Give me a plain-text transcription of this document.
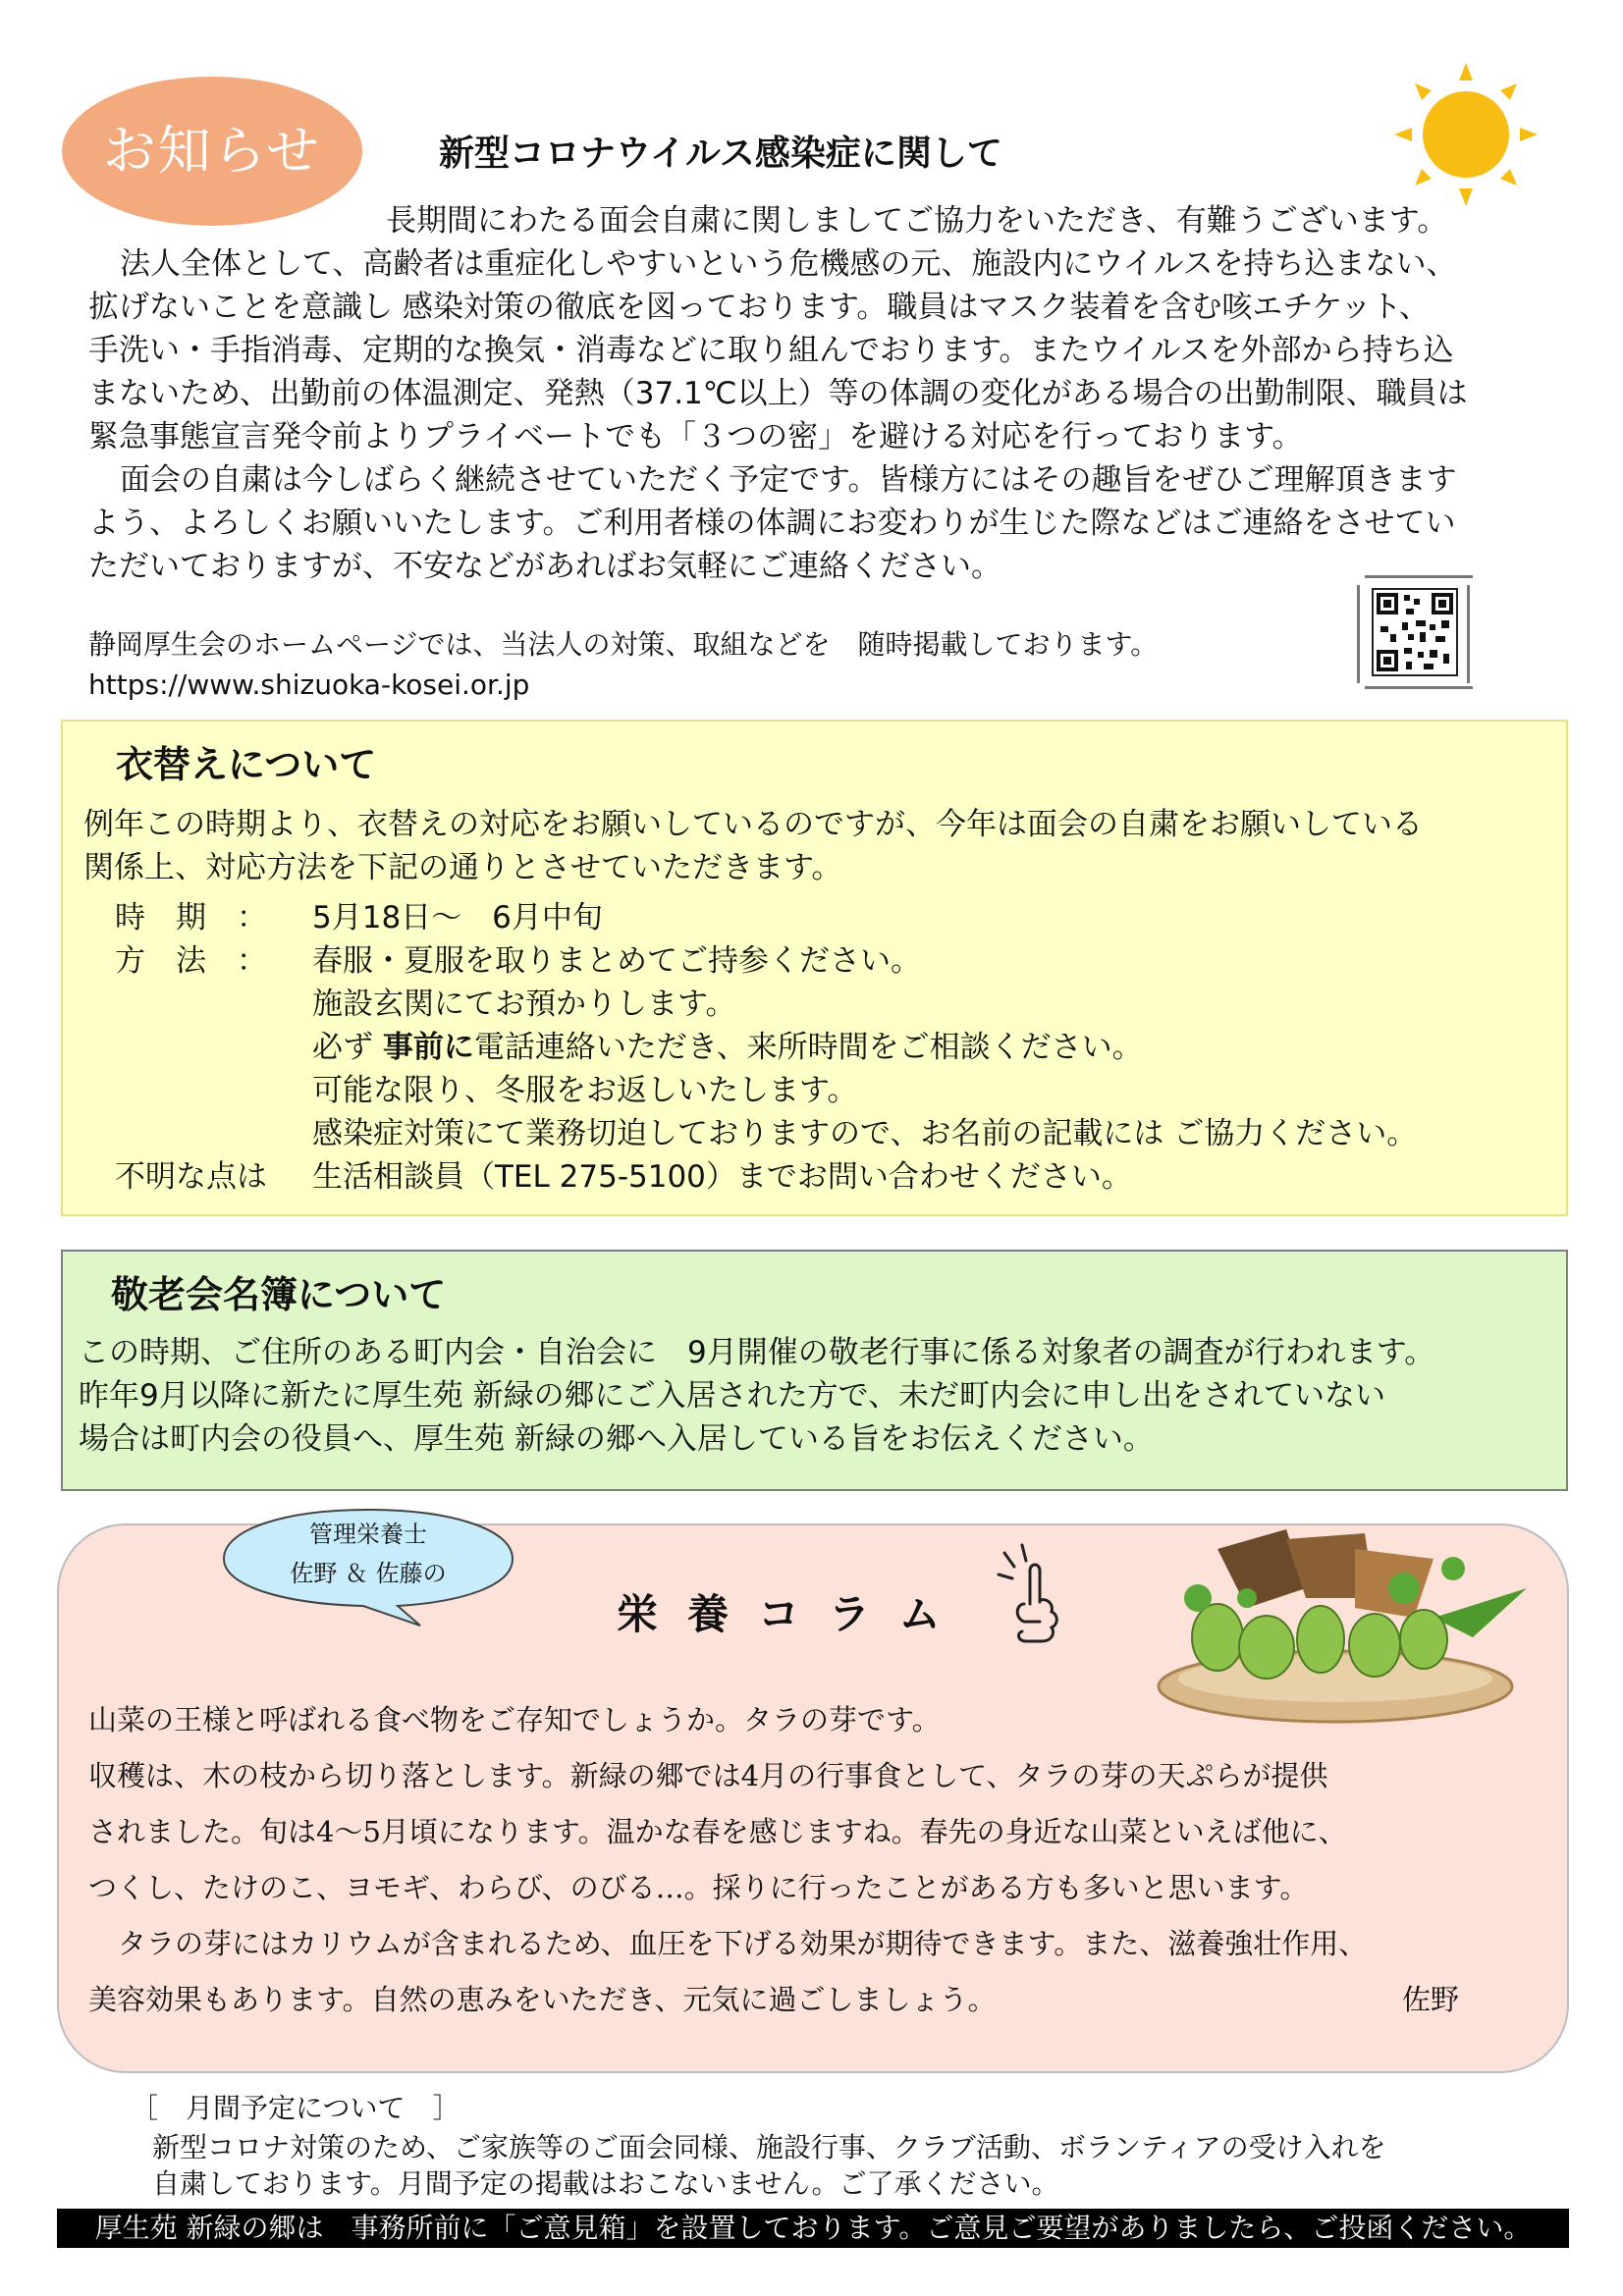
お知らせ	新型コロナウイルス感染症に関して
長期間にわたる面会自粛に関しましてご協力をいただき、有難うございます。
法人全体として、高齢者は重症化しやすいという危機感の元、施設内にウイルスを持ち込まない、
拡げないことを意識し 感染対策の徹底を図っております。職員はマスク装着を含む咳エチケット、
手洗い・手指消毒、定期的な換気・消毒などに取り組んでおります。またウイルスを外部から持ち込
まないため、出勤前の体温測定、発熱（37.1℃以上）等の体調の変化がある場合の出勤制限、職員は
緊急事態宣言発令前よりプライベートでも「３つの密」を避ける対応を行っております。
面会の自粛は今しばらく継続させていただく予定です。皆様方にはその趣旨をぜひご理解頂きます
よう、よろしくお願いいたします。ご利用者様の体調にお変わりが生じた際などはご連絡をさせてい
ただいておりますが、不安などがあればお気軽にご連絡ください。
静岡厚生会のホームページでは、当法人の対策、取組などを　随時掲載しております。
https://www.shizuoka-kosei.or.jp
衣替えについて
例年この時期より、衣替えの対応をお願いしているのですが、今年は面会の自粛をお願いしている
関係上、対応方法を下記の通りとさせていただきます。
時　期　： 5月18日～　6月中旬
方　法　： 春服・夏服を取りまとめてご持参ください。
施設玄関にてお預かりします。
必ず 事前に電話連絡いただき、来所時間をご相談ください。
可能な限り、冬服をお返しいたします。
感染症対策にて業務切迫しておりますので、お名前の記載には ご協力ください。
不明な点は 生活相談員（TEL 275-5100）までお問い合わせください。
敬老会名簿について
この時期、ご住所のある町内会・自治会に　9月開催の敬老行事に係る対象者の調査が行われます。
昨年9月以降に新たに厚生苑 新緑の郷にご入居された方で、未だ町内会に申し出をされていない
場合は町内会の役員へ、厚生苑 新緑の郷へ入居している旨をお伝えください。
管理栄養士
佐野 ＆ 佐藤の
栄養コラム
山菜の王様と呼ばれる食べ物をご存知でしょうか。タラの芽です。
収穫は、木の枝から切り落とします。新緑の郷では4月の行事食として、タラの芽の天ぷらが提供
されました。旬は4～5月頃になります。温かな春を感じますね。春先の身近な山菜といえば他に、
つくし、たけのこ、ヨモギ、わらび、のびる…。採りに行ったことがある方も多いと思います。
タラの芽にはカリウムが含まれるため、血圧を下げる効果が期待できます。また、滋養強壮作用、
美容効果もあります。自然の恵みをいただき、元気に過ごしましょう。	佐野
［　月間予定について　］
新型コロナ対策のため、ご家族等のご面会同様、施設行事、クラブ活動、ボランティアの受け入れを
自粛しております。月間予定の掲載はおこないません。ご了承ください。
厚生苑 新緑の郷は　事務所前に「ご意見箱」を設置しております。ご意見ご要望がありましたら、ご投函ください。
